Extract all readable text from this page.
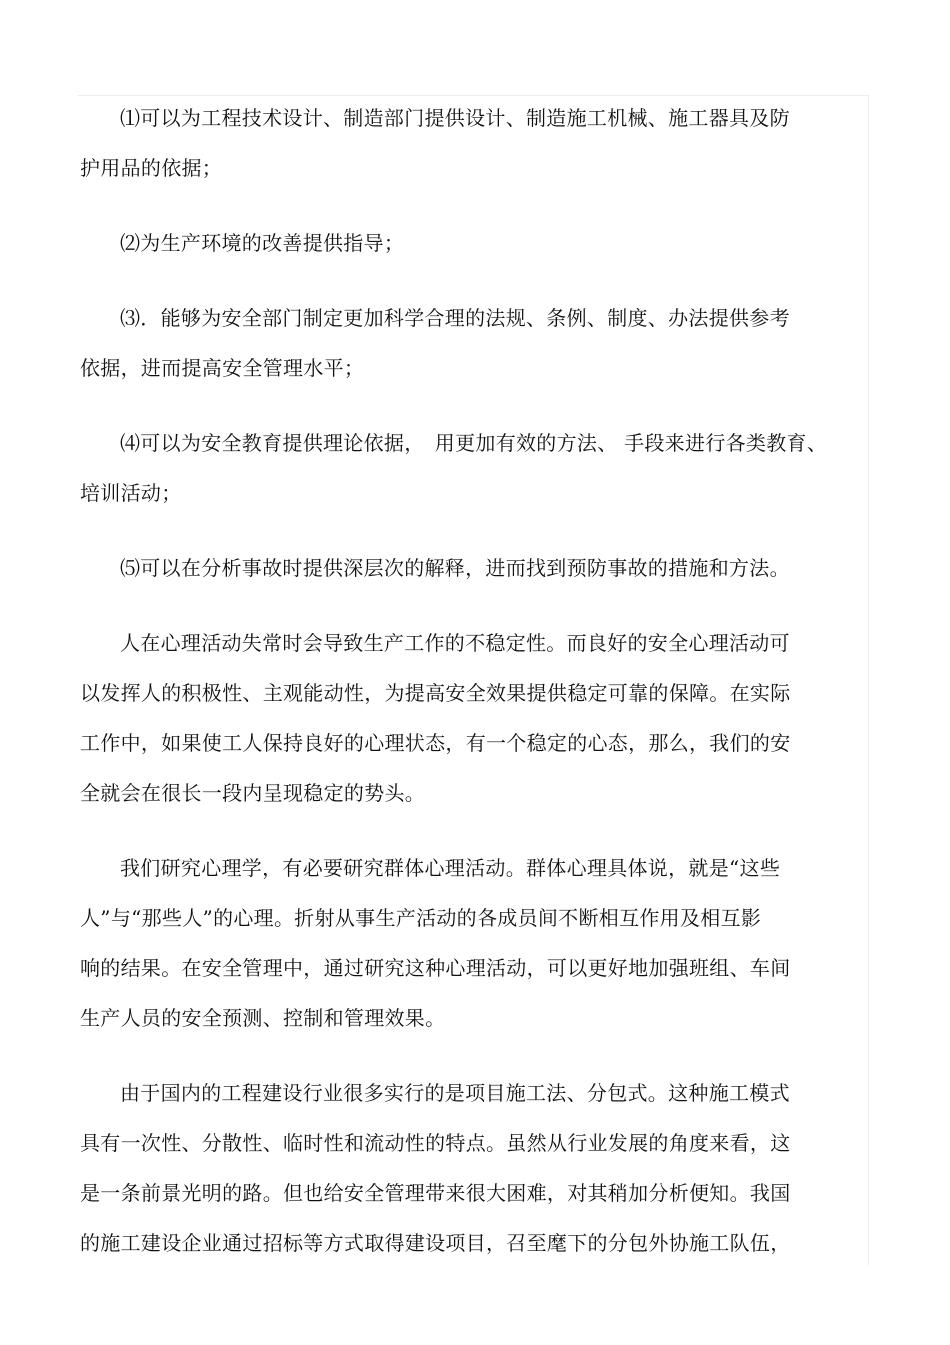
⑴可以为工程技术设计、制造部门提供设计、制造施工机械、施工器具及防
护用品的依据；
⑵为生产环境的改善提供指导；
⑶．能够为安全部门制定更加科学合理的法规、条例、制度、办法提供参考
依据，进而提高安全管理水平；
⑷可以为安全教育提供理论依据，　用更加有效的方法、 手段来进行各类教育、
培训活动；
⑸可以在分析事故时提供深层次的解释，进而找到预防事故的措施和方法。
人在心理活动失常时会导致生产工作的不稳定性。而良好的安全心理活动可
以发挥人的积极性、主观能动性，为提高安全效果提供稳定可靠的保障。在实际
工作中，如果使工人保持良好的心理状态，有一个稳定的心态，那么，我们的安
全就会在很长一段内呈现稳定的势头。
我们研究心理学，有必要研究群体心理活动。群体心理具体说，就是“这些
人”与“那些人”的心理。折射从事生产活动的各成员间不断相互作用及相互影
响的结果。在安全管理中，通过研究这种心理活动，可以更好地加强班组、车间
生产人员的安全预测、控制和管理效果。
由于国内的工程建设行业很多实行的是项目施工法、分包式。这种施工模式
具有一次性、分散性、临时性和流动性的特点。虽然从行业发展的角度来看，这
是一条前景光明的路。但也给安全管理带来很大困难，对其稍加分析便知。我国
的施工建设企业通过招标等方式取得建设项目，召至麾下的分包外协施工队伍，
